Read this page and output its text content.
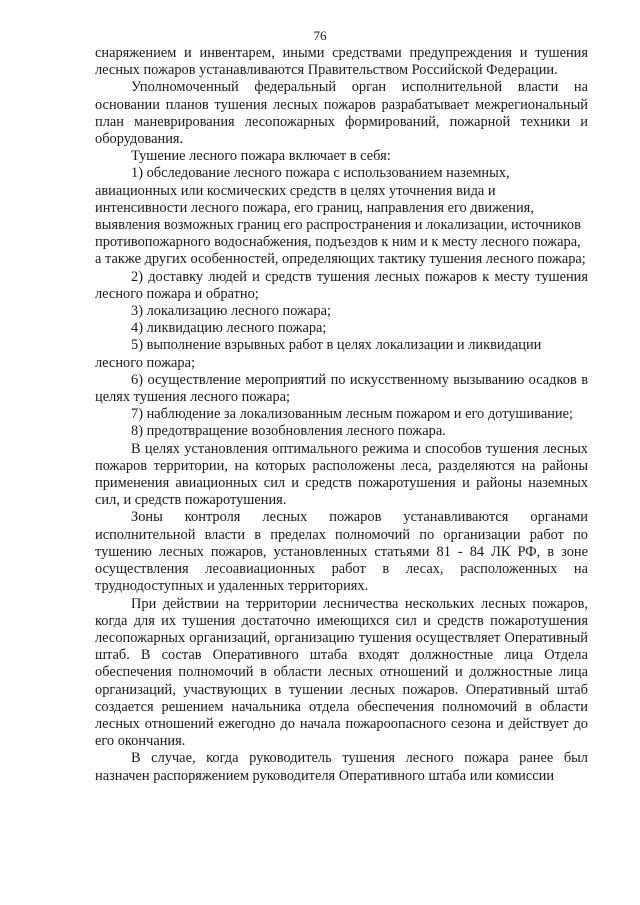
76

снаряжением и инвентарем, иными средствами предупреждения и тушения лесных пожаров устанавливаются Правительством Российской Федерации.

Уполномоченный федеральный орган исполнительной власти на основании планов тушения лесных пожаров разрабатывает межрегиональный план маневрирования лесопожарных формирований, пожарной техники и оборудования.

Тушение лесного пожара включает в себя:

1) обследование лесного пожара с использованием наземных, авиационных или космических средств в целях уточнения вида и интенсивности лесного пожара, его границ, направления его движения, выявления возможных границ его распространения и локализации, источников противопожарного водоснабжения, подъездов к ним и к месту лесного пожара, а также других особенностей, определяющих тактику тушения лесного пожара;

2) доставку людей и средств тушения лесных пожаров к месту тушения лесного пожара и обратно;

3) локализацию лесного пожара;

4) ликвидацию лесного пожара;

5) выполнение взрывных работ в целях локализации и ликвидации лесного пожара;

6) осуществление мероприятий по искусственному вызыванию осадков в целях тушения лесного пожара;

7) наблюдение за локализованным лесным пожаром и его дотушивание;

8) предотвращение возобновления лесного пожара.

В целях установления оптимального режима и способов тушения лесных пожаров территории, на которых расположены леса, разделяются на районы применения авиационных сил и средств пожаротушения и районы наземных сил, и средств пожаротушения.

Зоны контроля лесных пожаров устанавливаются органами исполнительной власти в пределах полномочий по организации работ по тушению лесных пожаров, установленных статьями 81 - 84 ЛК РФ, в зоне осуществления лесоавиационных работ в лесах, расположенных на труднодоступных и удаленных территориях.

При действии на территории лесничества нескольких лесных пожаров, когда для их тушения достаточно имеющихся сил и средств пожаротушения лесопожарных организаций, организацию тушения осуществляет Оперативный штаб. В состав Оперативного штаба входят должностные лица Отдела обеспечения полномочий в области лесных отношений и должностные лица организаций, участвующих в тушении лесных пожаров. Оперативный штаб создается решением начальника отдела обеспечения полномочий в области лесных отношений ежегодно до начала пожароопасного сезона и действует до его окончания.

В случае, когда руководитель тушения лесного пожара ранее был назначен распоряжением руководителя Оперативного штаба или комиссии
